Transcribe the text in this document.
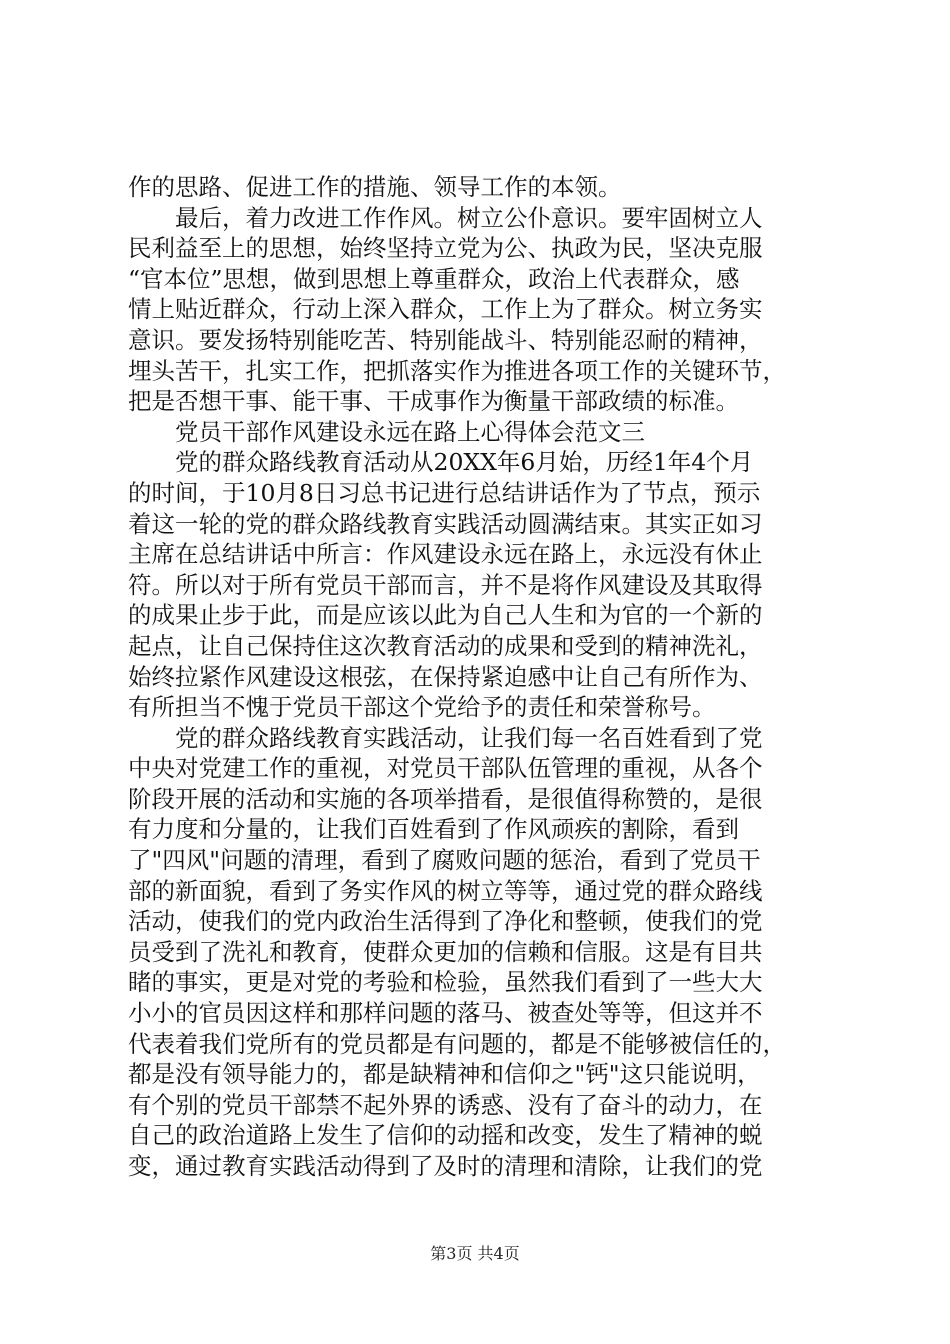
作的思路、促进工作的措施、领导工作的本领。
最后，着力改进工作作风。树立公仆意识。要牢固树立人
民利益至上的思想，始终坚持立党为公、执政为民，坚决克服
“官本位”思想，做到思想上尊重群众，政治上代表群众，感
情上贴近群众，行动上深入群众，工作上为了群众。树立务实
意识。要发扬特别能吃苦、特别能战斗、特别能忍耐的精神，
埋头苦干，扎实工作，把抓落实作为推进各项工作的关键环节，
把是否想干事、能干事、干成事作为衡量干部政绩的标准。
党员干部作风建设永远在路上心得体会范文三
党的群众路线教育活动从20XX年6月始，历经1年4个月
的时间，于10月8日习总书记进行总结讲话作为了节点，预示
着这一轮的党的群众路线教育实践活动圆满结束。其实正如习
主席在总结讲话中所言：作风建设永远在路上，永远没有休止
符。所以对于所有党员干部而言，并不是将作风建设及其取得
的成果止步于此，而是应该以此为自己人生和为官的一个新的
起点，让自己保持住这次教育活动的成果和受到的精神洗礼，
始终拉紧作风建设这根弦，在保持紧迫感中让自己有所作为、
有所担当不愧于党员干部这个党给予的责任和荣誉称号。
党的群众路线教育实践活动，让我们每一名百姓看到了党
中央对党建工作的重视，对党员干部队伍管理的重视，从各个
阶段开展的活动和实施的各项举措看，是很值得称赞的，是很
有力度和分量的，让我们百姓看到了作风顽疾的割除，看到
了"四风"问题的清理，看到了腐败问题的惩治，看到了党员干
部的新面貌，看到了务实作风的树立等等，通过党的群众路线
活动，使我们的党内政治生活得到了净化和整顿，使我们的党
员受到了洗礼和教育，使群众更加的信赖和信服。这是有目共
睹的事实，更是对党的考验和检验，虽然我们看到了一些大大
小小的官员因这样和那样问题的落马、被查处等等，但这并不
代表着我们党所有的党员都是有问题的，都是不能够被信任的，
都是没有领导能力的，都是缺精神和信仰之"钙"这只能说明，
有个别的党员干部禁不起外界的诱惑、没有了奋斗的动力，在
自己的政治道路上发生了信仰的动摇和改变，发生了精神的蜕
变，通过教育实践活动得到了及时的清理和清除，让我们的党
第3页 共4页
